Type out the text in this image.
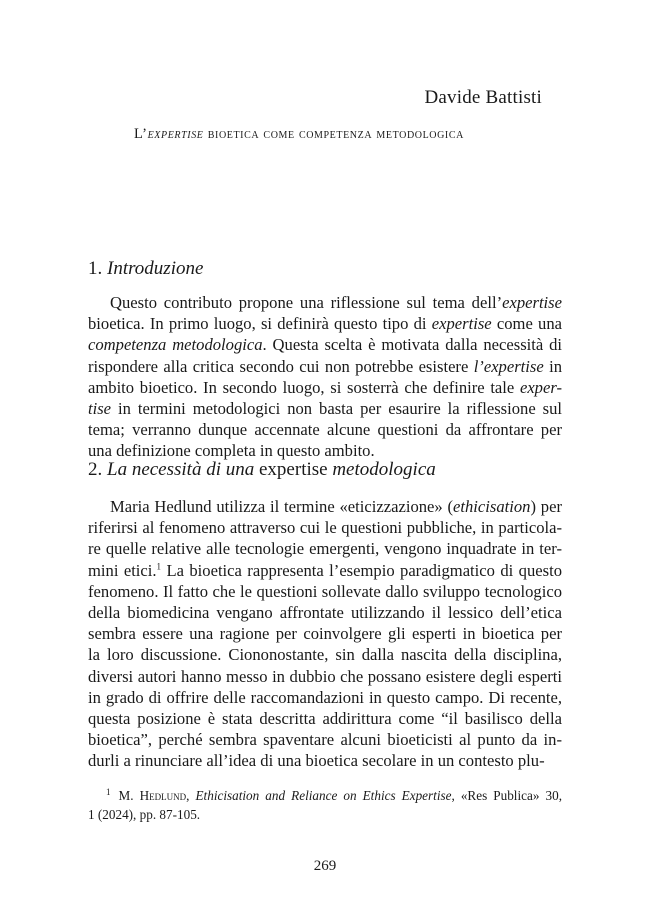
Davide Battisti
L’expertise bioetica come competenza metodologica
1. Introduzione
Questo contributo propone una riflessione sul tema dell’expertise
bioetica. In primo luogo, si definirà questo tipo di expertise come una
competenza metodologica. Questa scelta è motivata dalla necessità di
rispondere alla critica secondo cui non potrebbe esistere l’expertise in
ambito bioetico. In secondo luogo, si sosterrà che definire tale exper-
tise in termini metodologici non basta per esaurire la riflessione sul
tema; verranno dunque accennate alcune questioni da affrontare per
una definizione completa in questo ambito.
2. La necessità di una expertise metodologica
Maria Hedlund utilizza il termine «eticizzazione» (ethicisation) per
riferirsi al fenomeno attraverso cui le questioni pubbliche, in particola-
re quelle relative alle tecnologie emergenti, vengono inquadrate in ter-
mini etici.$^1$ La bioetica rappresenta l’esempio paradigmatico di questo
fenomeno. Il fatto che le questioni sollevate dallo sviluppo tecnologico
della biomedicina vengano affrontate utilizzando il lessico dell’etica
sembra essere una ragione per coinvolgere gli esperti in bioetica per
la loro discussione. Ciononostante, sin dalla nascita della disciplina,
diversi autori hanno messo in dubbio che possano esistere degli esperti
in grado di offrire delle raccomandazioni in questo campo. Di recente,
questa posizione è stata descritta addirittura come “il basilisco della
bioetica”, perché sembra spaventare alcuni bioeticisti al punto da in-
durli a rinunciare all’idea di una bioetica secolare in un contesto plu-
$^1$ M. Hedlund, Ethicisation and Reliance on Ethics Expertise, «Res Publica» 30,
1 (2024), pp. 87-105.
269
